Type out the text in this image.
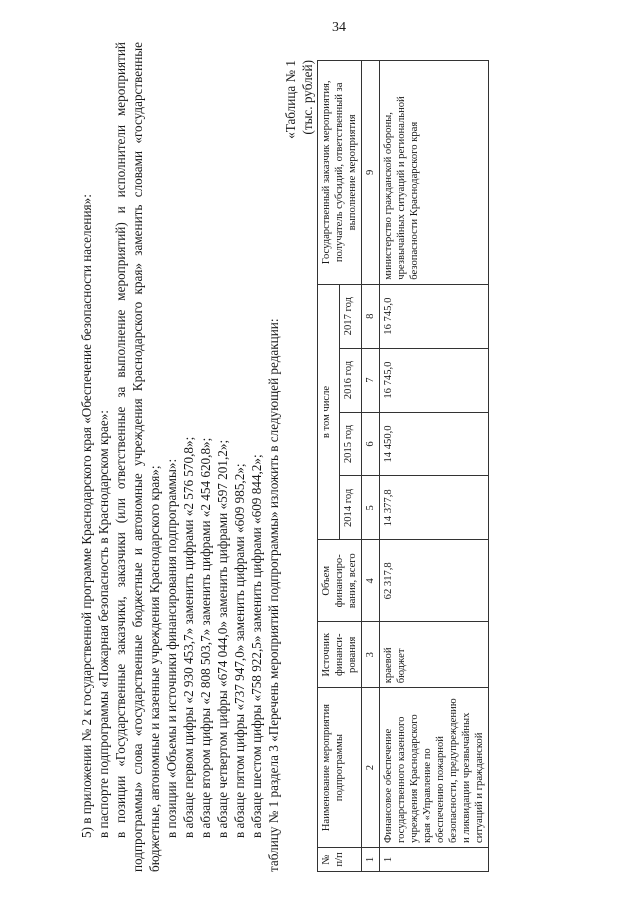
34

5) в приложении № 2 к государственной программе Краснодарского края «Обеспечение безопасности населения»: в паспорте подпрограммы «Пожарная безопасность в Краснодарском крае»: в позиции «Государственные заказчики, заказчики (или ответственные за выполнение мероприятий) и исполнители мероприятий подпрограммы» слова «государственные бюджетные и автономные учреждения Краснодарского края» заменить словами «государственные бюджетные, автономные и казенные учреждения Краснодарского края»; в позиции «Объемы и источники финансирования подпрограммы»: в абзаце первом цифры «2 930 453,7» заменить цифрами «2 576 570,8»; в абзаце втором цифры «2 808 503,7» заменить цифрами «2 454 620,8»; в абзаце четвертом цифры «674 044,0» заменить цифрами «597 201,2»; в абзаце пятом цифры «737 947,0» заменить цифрами «609 985,2»; в абзаце шестом цифры «758 922,5» заменить цифрами «609 844,2»; таблицу № 1 раздела 3 «Перечень мероприятий подпрограммы» изложить в следующей редакции:

«Таблица № 1 (тыс. рублей)

№ п/п	Наименование мероприятия подпрограммы	Источник финанси-рования	Объем финансиро-вания, всего	в том числе				Государственный заказчик мероприятия, получатель субсидий, ответственный за выполнение мероприятия
				2014 год	2015 год	2016 год	2017 год	
1	2	3	4	5	6	7	8	9
1	Финансовое обеспечение государственного казенного учреждения Краснодарского края «Управление по обеспечению пожарной безопасности, предупреждению и ликвидации чрезвычайных ситуаций и гражданской	краевой бюджет	62 317,8	14 377,8	14 450,0	16 745,0	16 745,0	министерство гражданской обороны, чрезвычайных ситуаций и региональной безопасности Краснодарского края
